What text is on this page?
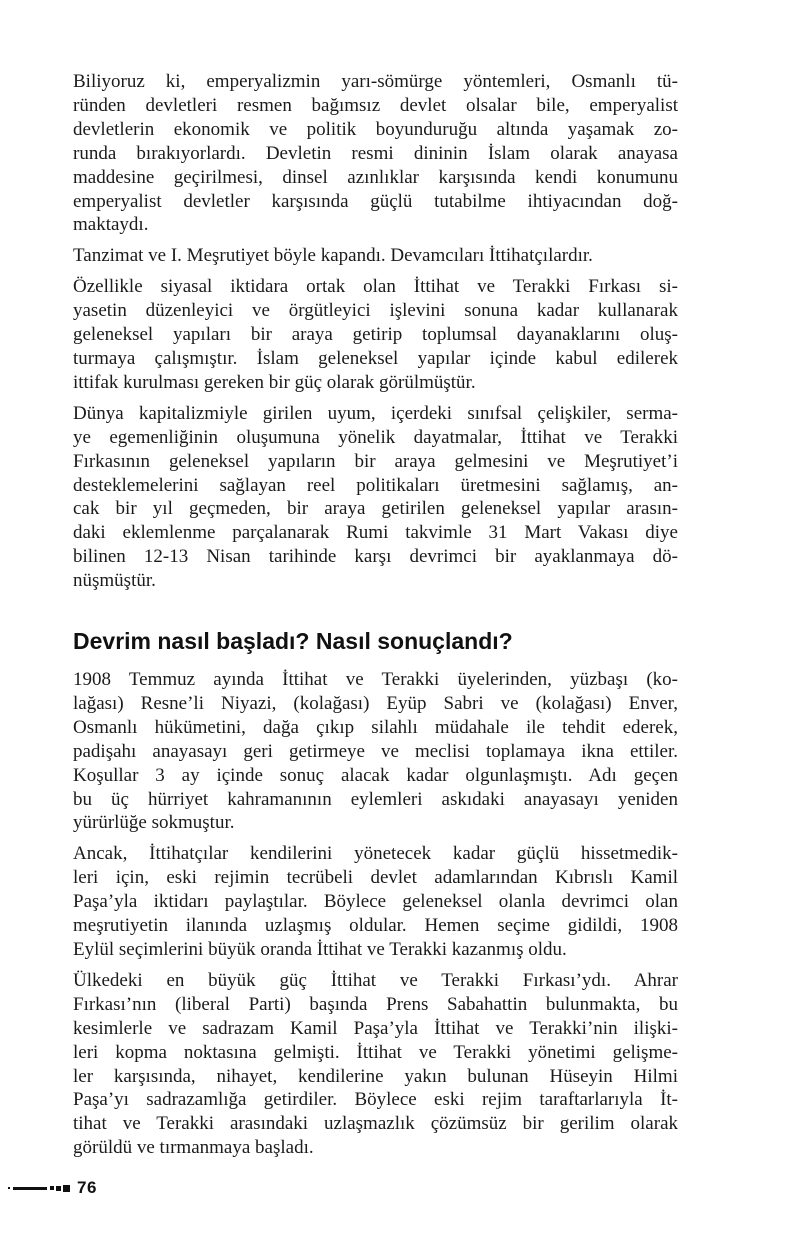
Biliyoruz ki, emperyalizmin yarı-sömürge yöntemleri, Osmanlı tü-
ründen devletleri resmen bağımsız devlet olsalar bile, emperyalist
devletlerin ekonomik ve politik boyunduruğu altında yaşamak zo-
runda bırakıyorlardı. Devletin resmi dininin İslam olarak anayasa
maddesine geçirilmesi, dinsel azınlıklar karşısında kendi konumunu
emperyalist devletler karşısında güçlü tutabilme ihtiyacından doğ-
maktaydı.

Tanzimat ve I. Meşrutiyet böyle kapandı. Devamcıları İttihatçılardır.

Özellikle siyasal iktidara ortak olan İttihat ve Terakki Fırkası si-
yasetin düzenleyici ve örgütleyici işlevini sonuna kadar kullanarak
geleneksel yapıları bir araya getirip toplumsal dayanaklarını oluş-
turmaya çalışmıştır. İslam geleneksel yapılar içinde kabul edilerek
ittifak kurulması gereken bir güç olarak görülmüştür.

Dünya kapitalizmiyle girilen uyum, içerdeki sınıfsal çelişkiler, serma-
ye egemenliğinin oluşumuna yönelik dayatmalar, İttihat ve Terakki
Fırkasının geleneksel yapıların bir araya gelmesini ve Meşrutiyet’i
desteklemelerini sağlayan reel politikaları üretmesini sağlamış, an-
cak bir yıl geçmeden, bir araya getirilen geleneksel yapılar arasın-
daki eklemlenme parçalanarak Rumi takvimle 31 Mart Vakası diye
bilinen 12-13 Nisan tarihinde karşı devrimci bir ayaklanmaya dö-
nüşmüştür.

Devrim nasıl başladı? Nasıl sonuçlandı?

1908 Temmuz ayında İttihat ve Terakki üyelerinden, yüzbaşı (ko-
lağası) Resne’li Niyazi, (kolağası) Eyüp Sabri ve (kolağası) Enver,
Osmanlı hükümetini, dağa çıkıp silahlı müdahale ile tehdit ederek,
padişahı anayasayı geri getirmeye ve meclisi toplamaya ikna ettiler.
Koşullar 3 ay içinde sonuç alacak kadar olgunlaşmıştı. Adı geçen
bu üç hürriyet kahramanının eylemleri askıdaki anayasayı yeniden
yürürlüğe sokmuştur.

Ancak, İttihatçılar kendilerini yönetecek kadar güçlü hissetmedik-
leri için, eski rejimin tecrübeli devlet adamlarından Kıbrıslı Kamil
Paşa’yla iktidarı paylaştılar. Böylece geleneksel olanla devrimci olan
meşrutiyetin ilanında uzlaşmış oldular. Hemen seçime gidildi, 1908
Eylül seçimlerini büyük oranda İttihat ve Terakki kazanmış oldu.

Ülkedeki en büyük güç İttihat ve Terakki Fırkası’ydı. Ahrar
Fırkası’nın (liberal Parti) başında Prens Sabahattin bulunmakta, bu
kesimlerle ve sadrazam Kamil Paşa’yla İttihat ve Terakki’nin ilişki-
leri kopma noktasına gelmişti. İttihat ve Terakki yönetimi gelişme-
ler karşısında, nihayet, kendilerine yakın bulunan Hüseyin Hilmi
Paşa’yı sadrazamlığa getirdiler. Böylece eski rejim taraftarlarıyla İt-
tihat ve Terakki arasındaki uzlaşmazlık çözümsüz bir gerilim olarak
görüldü ve tırmanmaya başladı.

76
